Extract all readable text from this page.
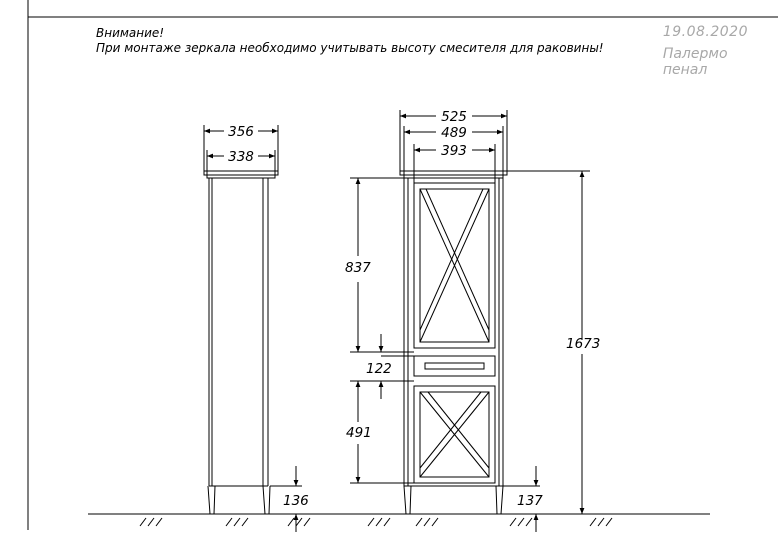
Внимание!
При монтаже зеркала необходимо учитывать высоту смесителя для раковины!
19.08.2020
Палермо
пенал
356
338
136
525
489
393
1673
837
122
491
137
